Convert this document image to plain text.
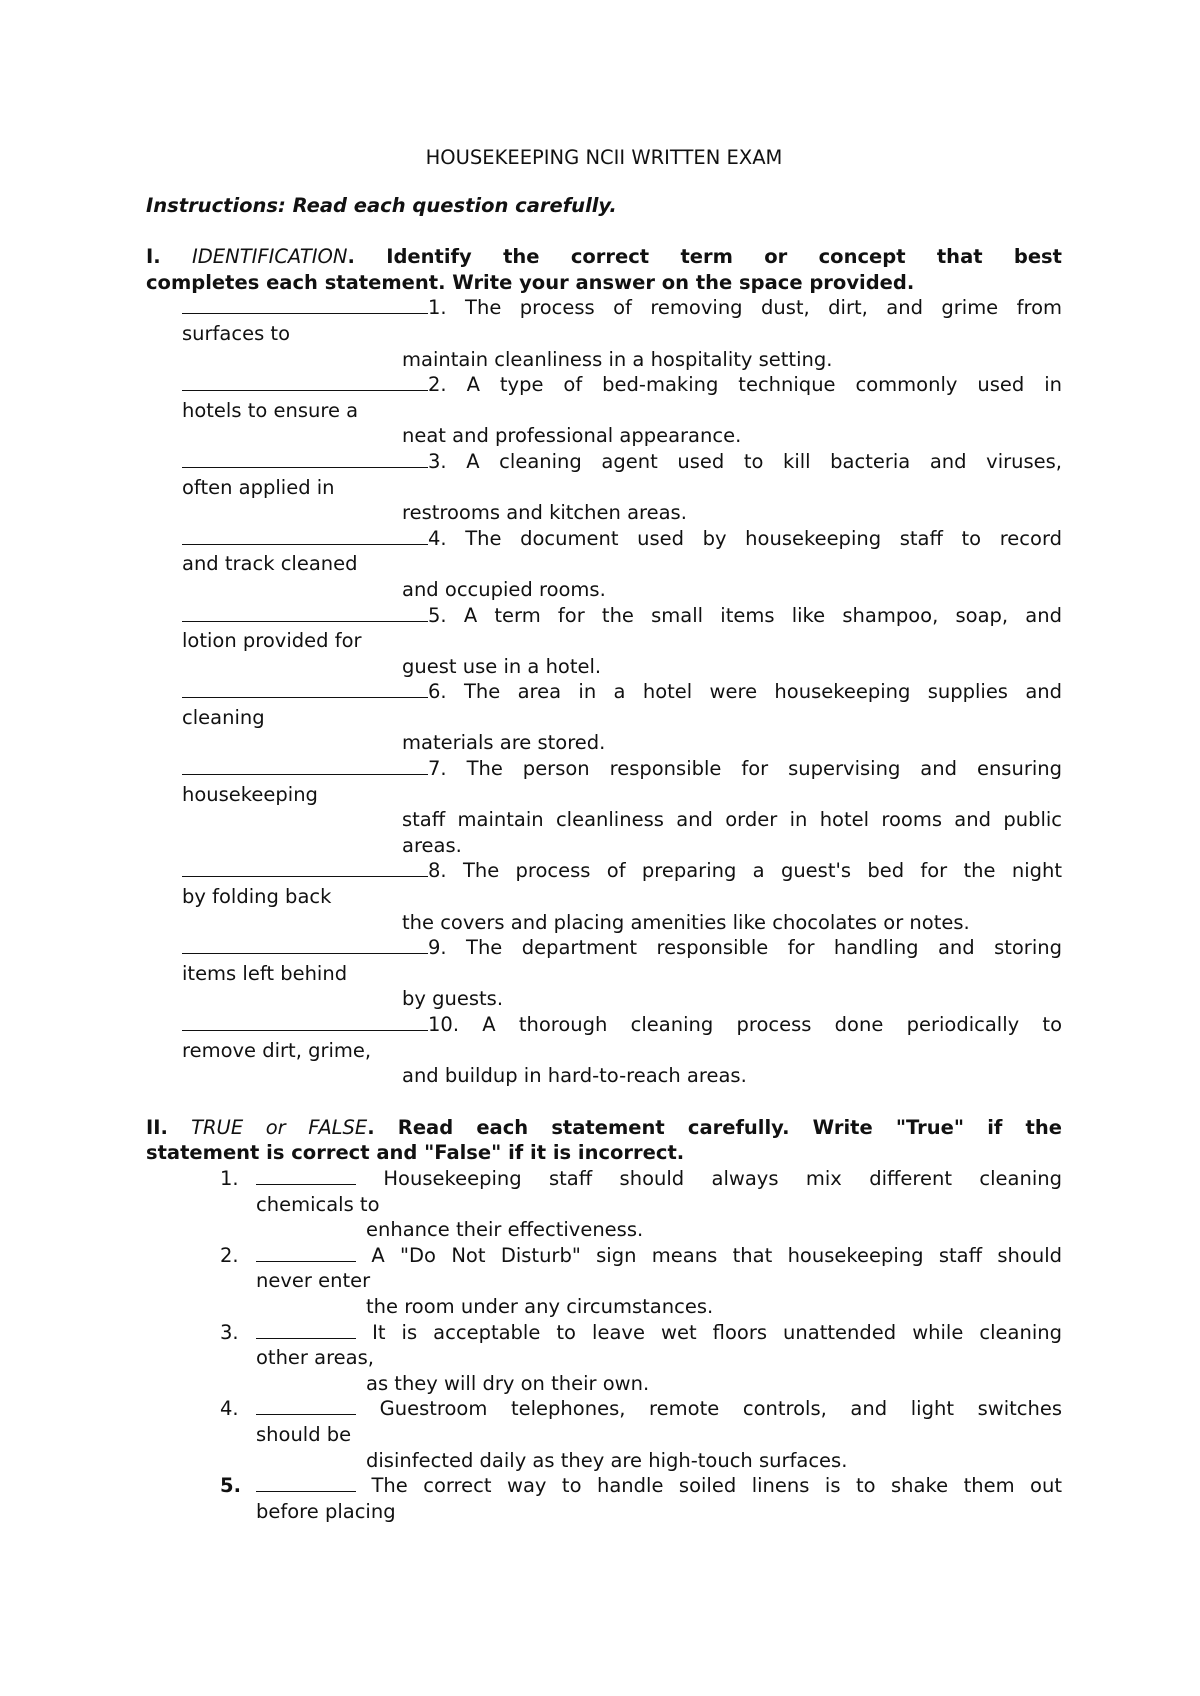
HOUSEKEEPING NCII WRITTEN EXAM
Instructions: Read each question carefully.
I. IDENTIFICATION. Identify the correct term or concept that best
completes each statement. Write your answer on the space provided.
1. The process of removing dust, dirt, and grime from
surfaces to
maintain cleanliness in a hospitality setting.
2. A type of bed-making technique commonly used in
hotels to ensure a
neat and professional appearance.
3. A cleaning agent used to kill bacteria and viruses,
often applied in
restrooms and kitchen areas.
4. The document used by housekeeping staff to record
and track cleaned
and occupied rooms.
5. A term for the small items like shampoo, soap, and
lotion provided for
guest use in a hotel.
6. The area in a hotel were housekeeping supplies and
cleaning
materials are stored.
7. The person responsible for supervising and ensuring
housekeeping
staff maintain cleanliness and order in hotel rooms and public areas.
8. The process of preparing a guest's bed for the night
by folding back
the covers and placing amenities like chocolates or notes.
9. The department responsible for handling and storing
items left behind
by guests.
10. A thorough cleaning process done periodically to
remove dirt, grime,
and buildup in hard-to-reach areas.
II. TRUE or FALSE. Read each statement carefully. Write "True" if the
statement is correct and "False" if it is incorrect.
1.	Housekeeping staff should always mix different cleaning
chemicals to
enhance their effectiveness.
2.	A "Do Not Disturb" sign means that housekeeping staff should
never enter
the room under any circumstances.
3.	It is acceptable to leave wet floors unattended while cleaning
other areas,
as they will dry on their own.
4.	Guestroom telephones, remote controls, and light switches
should be
disinfected daily as they are high-touch surfaces.
5.	The correct way to handle soiled linens is to shake them out
before placing
